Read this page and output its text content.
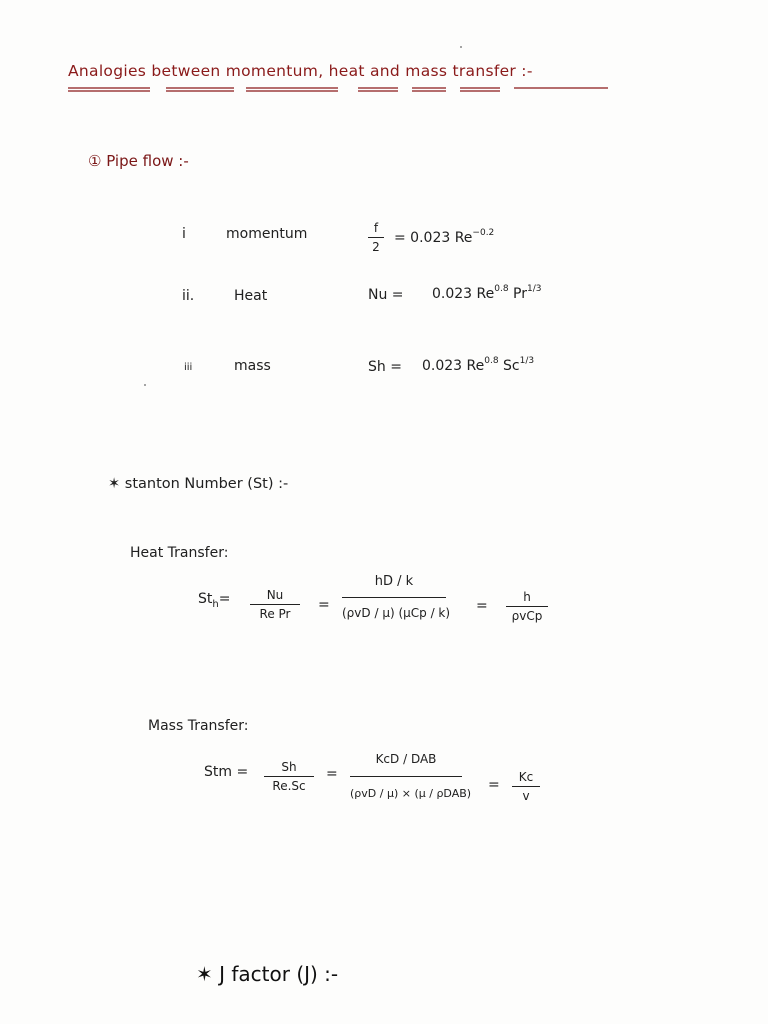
Analogies between momentum, heat and mass transfer :-
① Pipe flow :-
i	momentum	f
2
= 0.023 $Re^{-0.2}$
ii.	Heat	Nu = 0.023 $Re^{0.8}$ $Pr^{1/3}$
iii	mass	Sh = 0.023 $Re^{0.8}$ $Sc^{1/3}$
✶ stanton Number (St) :-
Heat Transfer:
$St_h=$	Nu
Re Pr
=
hD / k
(ρvD / μ) (μCp / k) =
h
ρvCp
Mass Transfer:
Stm =	Sh
Re.Sc
=
KcD / DAB
(ρvD / μ) × (μ / ρDAB)
=	Kc
v
✶ J factor (J) :-
